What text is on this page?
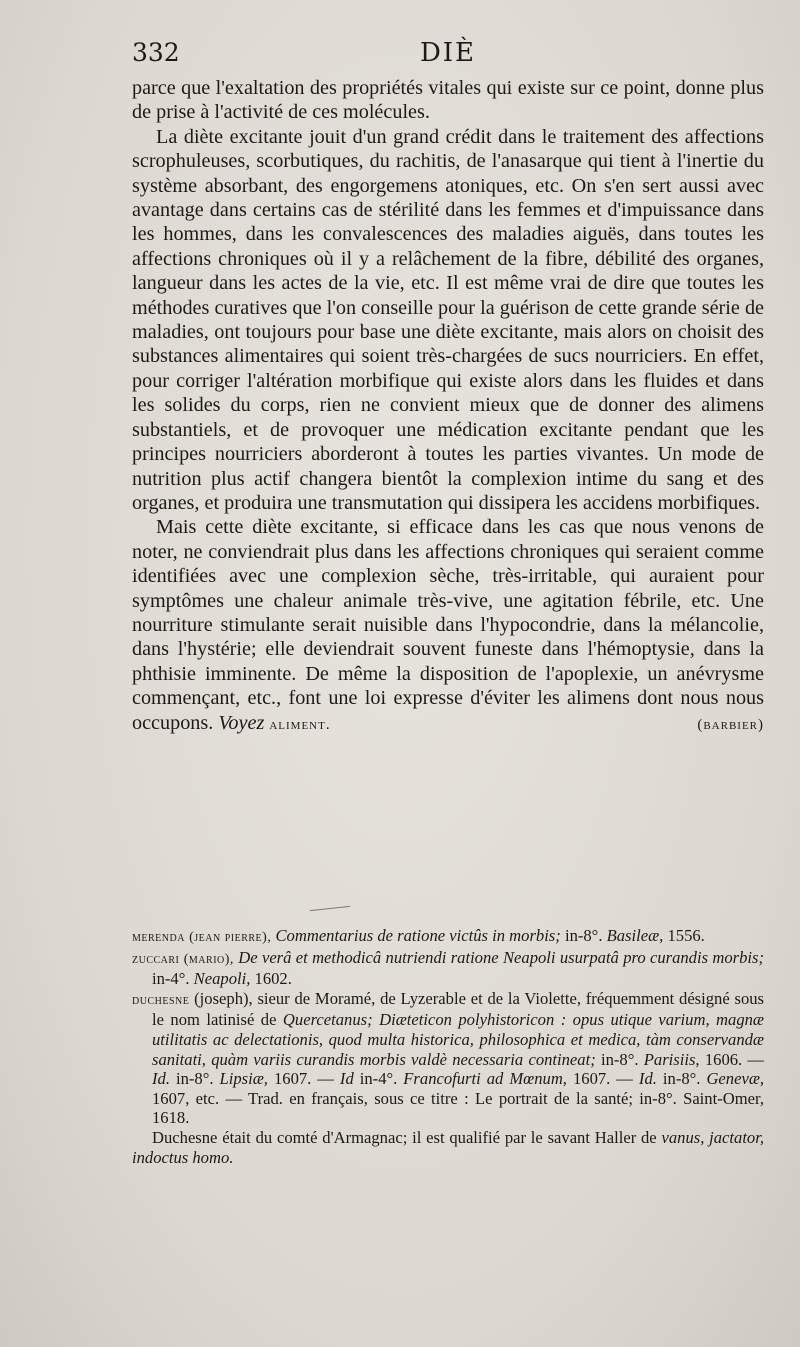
332	DIÈ

parce que l'exaltation des propriétés vitales qui existe sur ce point, donne plus de prise à l'activité de ces molécules.

La diète excitante jouit d'un grand crédit dans le traitement des affections scrophuleuses, scorbutiques, du rachitis, de l'anasarque qui tient à l'inertie du système absorbant, des engorgemens atoniques, etc. On s'en sert aussi avec avantage dans certains cas de stérilité dans les femmes et d'impuissance dans les hommes, dans les convalescences des maladies aiguës, dans toutes les affections chroniques où il y a relâchement de la fibre, débilité des organes, langueur dans les actes de la vie, etc. Il est même vrai de dire que toutes les méthodes curatives que l'on conseille pour la guérison de cette grande série de maladies, ont toujours pour base une diète excitante, mais alors on choisit des substances alimentaires qui soient très-chargées de sucs nourriciers. En effet, pour corriger l'altération morbifique qui existe alors dans les fluides et dans les solides du corps, rien ne convient mieux que de donner des alimens substantiels, et de provoquer une médication excitante pendant que les principes nourriciers aborderont à toutes les parties vivantes. Un mode de nutrition plus actif changera bientôt la complexion intime du sang et des organes, et produira une transmutation qui dissipera les accidens morbifiques.

Mais cette diète excitante, si efficace dans les cas que nous venons de noter, ne conviendrait plus dans les affections chroniques qui seraient comme identifiées avec une complexion sèche, très-irritable, qui auraient pour symptômes une chaleur animale très-vive, une agitation fébrile, etc. Une nourriture stimulante serait nuisible dans l'hypocondrie, dans la mélancolie, dans l'hystérie; elle deviendrait souvent funeste dans l'hémoptysie, dans la phthisie imminente. De même la disposition de l'apoplexie, un anévrysme commençant, etc., font une loi expresse d'éviter les alimens dont nous nous occupons. Voyez aliment.	(barbier)

merenda (jean pierre), Commentarius de ratione victûs in morbis; in-8°. Basileæ, 1556.

zuccari (mario), De verâ et methodicâ nutriendi ratione Neapoli usurpatâ pro curandis morbis; in-4°. Neapoli, 1602.

duchesne (joseph), sieur de Moramé, de Lyzerable et de la Violette, fréquemment désigné sous le nom latinisé de Quercetanus; Diæteticon polyhistoricon : opus utique varium, magnæ utilitatis ac delectationis, quod multa historica, philosophica et medica, tàm conservandæ sanitati, quàm variis curandis morbis valdè necessaria contineat; in-8°. Parisiis, 1606. — Id. in-8°. Lipsiæ, 1607. — Id in-4°. Francofurti ad Mœnum, 1607. — Id. in-8°. Genevæ, 1607, etc. — Trad. en français, sous ce titre : Le portrait de la santé; in-8°. Saint-Omer, 1618.

Duchesne était du comté d'Armagnac; il est qualifié par le savant Haller de vanus, jactator, indoctus homo.
